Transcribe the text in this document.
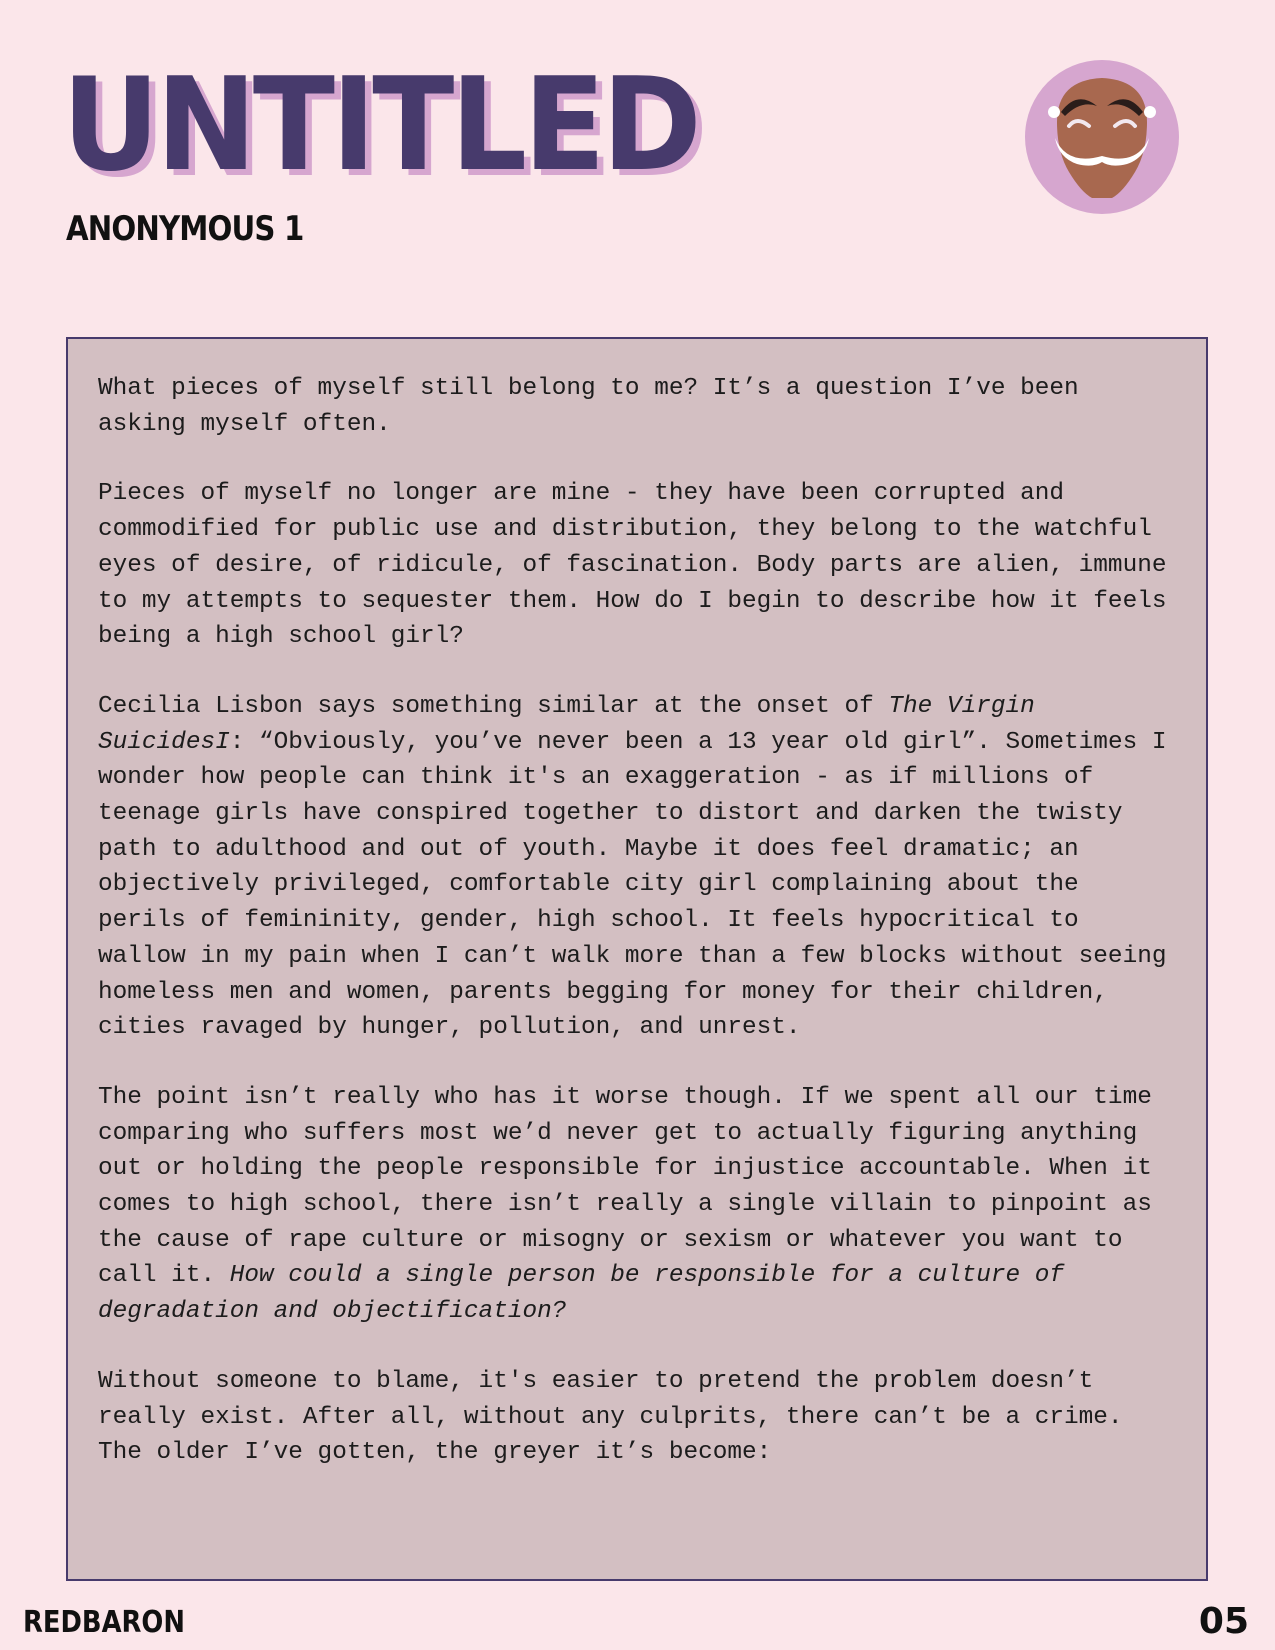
UNTITLED
ANONYMOUS 1

What pieces of myself still belong to me? It’s a question I’ve been asking myself often.

Pieces of myself no longer are mine - they have been corrupted and commodified for public use and distribution, they belong to the watchful eyes of desire, of ridicule, of fascination. Body parts are alien, immune to my attempts to sequester them. How do I begin to describe how it feels being a high school girl?

Cecilia Lisbon says something similar at the onset of The Virgin SuicidesI: “Obviously, you’ve never been a 13 year old girl”. Sometimes I wonder how people can think it's an exaggeration - as if millions of teenage girls have conspired together to distort and darken the twisty path to adulthood and out of youth. Maybe it does feel dramatic; an objectively privileged, comfortable city girl complaining about the perils of femininity, gender, high school. It feels hypocritical to wallow in my pain when I can’t walk more than a few blocks without seeing homeless men and women, parents begging for money for their children, cities ravaged by hunger, pollution, and unrest.

The point isn’t really who has it worse though. If we spent all our time comparing who suffers most we’d never get to actually figuring anything out or holding the people responsible for injustice accountable. When it comes to high school, there isn’t really a single villain to pinpoint as the cause of rape culture or misogny or sexism or whatever you want to call it. How could a single person be responsible for a culture of degradation and objectification?

Without someone to blame, it's easier to pretend the problem doesn’t really exist. After all, without any culprits, there can’t be a crime. The older I’ve gotten, the greyer it’s become:

REDBARON	05
